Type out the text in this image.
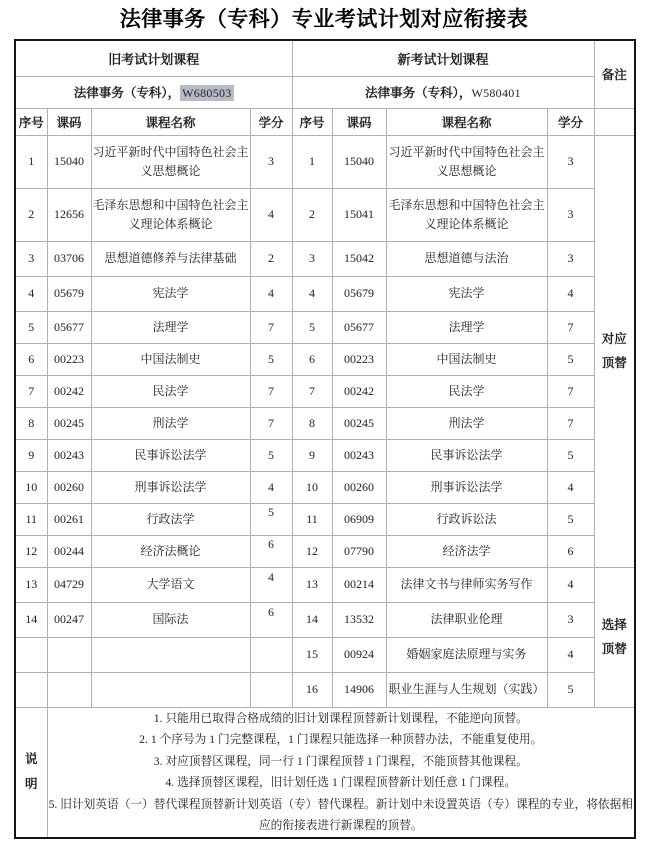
法律事务（专科）专业考试计划对应衔接表
旧考试计划课程				新考试计划课程				备注
法律事务（专科）， W680503				法律事务（专科），W580401				
序号	课码	课程名称	学分	序号	课码	课程名称	学分	
1	15040	习近平新时代中国特色社会主义思想概论	3	1	15040	习近平新时代中国特色社会主义思想概论	3	对应
顶替
2	12656	毛泽东思想和中国特色社会主义理论体系概论	4	2	15041	毛泽东思想和中国特色社会主义理论体系概论	3	
3	03706	思想道德修养与法律基础	2	3	15042	思想道德与法治	3	
4	05679	宪法学	4	4	05679	宪法学	4	
5	05677	法理学	7	5	05677	法理学	7	
6	00223	中国法制史	5	6	00223	中国法制史	5	
7	00242	民法学	7	7	00242	民法学	7	
8	00245	刑法学	7	8	00245	刑法学	7	
9	00243	民事诉讼法学	5	9	00243	民事诉讼法学	5	
10	00260	刑事诉讼法学	4	10	00260	刑事诉讼法学	4	
11	00261	行政法学	5	11	06909	行政诉讼法	5	
12	00244	经济法概论	6	12	07790	经济法学	6	
13	04729	大学语文	4	13	00214	法律文书与律师实务写作	4	选择
顶替
14	00247	国际法	6	14	13532	法律职业伦理	3	
				15	00924	婚姻家庭法原理与实务	4	
				16	14906	职业生涯与人生规划（实践）	5	
说
明	1. 只能用已取得合格成绩的旧计划课程顶替新计划课程，不能逆向顶替。
2. 1 个序号为 1 门完整课程，1 门课程只能选择一种顶替办法，不能重复使用。
3. 对应顶替区课程，同一行 1 门课程顶替 1 门课程，不能顶替其他课程。
4. 选择顶替区课程，旧计划任选 1 门课程顶替新计划任意 1 门课程。
5. 旧计划英语（一）替代课程顶替新计划英语（专）替代课程。新计划中未设置英语（专）课程的专业，将依据相应的衔接表进行新课程的顶替。							
